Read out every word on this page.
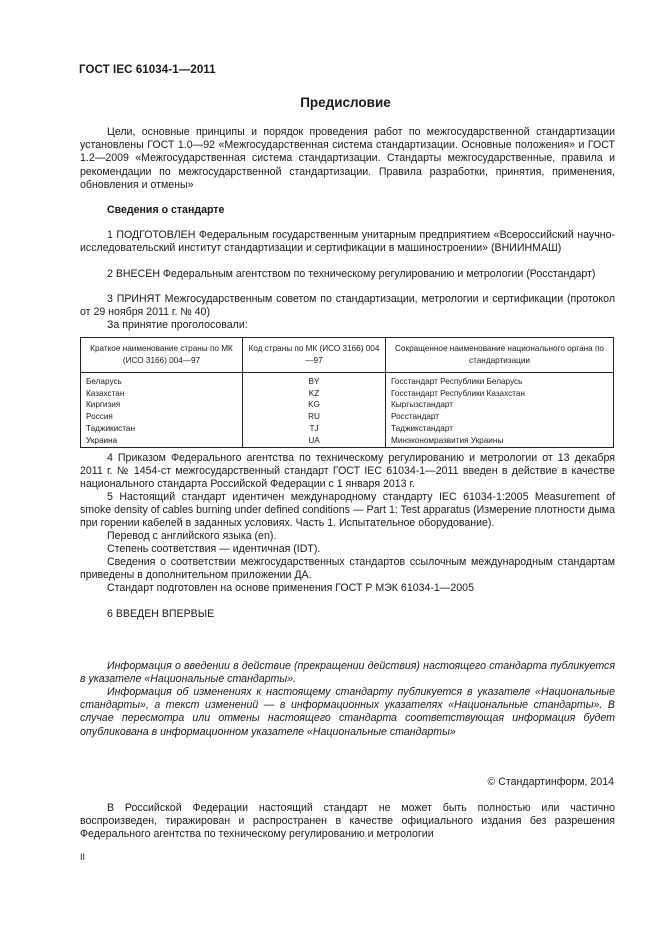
ГОСТ IEC 61034-1—2011
Предисловие
Цели, основные принципы и порядок проведения работ по межгосударственной стандартизации установлены ГОСТ 1.0—92 «Межгосударственная система стандартизации. Основные положения» и ГОСТ 1.2—2009 «Межгосударственная система стандартизации. Стандарты межгосударственные, правила и рекомендации по межгосударственной стандартизации. Правила разработки, принятия, применения, обновления и отмены»
Сведения о стандарте
1 ПОДГОТОВЛЕН Федеральным государственным унитарным предприятием «Всероссийский научно-исследовательский институт стандартизации и сертификации в машиностроении» (ВНИИНМАШ)
2 ВНЕСЕН Федеральным агентством по техническому регулированию и метрологии (Росстандарт)
3 ПРИНЯТ Межгосударственным советом по стандартизации, метрологии и сертификации (протокол от 29 ноября 2011 г. № 40)
За принятие проголосовали:
Краткое наименование страны по МК (ИСО 3166) 004—97	Код страны по МК (ИСО 3166) 004—97	Сокращенное наименование национального органа по стандартизации
Беларусь	BY	Госстандарт Республики Беларусь
Казахстан	KZ	Госстандарт Республики Казахстан
Киргизия	KG	Кыргызстандарт
Россия	RU	Росстандарт
Таджикистан	TJ	Таджикстандарт
Украина	UA	Минэкономразвития Украины
4 Приказом Федерального агентства по техническому регулированию и метрологии от 13 декабря 2011 г. № 1454-ст межгосударственный стандарт ГОСТ IEC 61034-1—2011 введен в действие в качестве национального стандарта Российской Федерации с 1 января 2013 г.
5 Настоящий стандарт идентичен международному стандарту IEC 61034-1:2005 Measurement of smoke density of cables burning under defined conditions — Part 1: Test apparatus (Измерение плотности дыма при горении кабелей в заданных условиях. Часть 1. Испытательное оборудование).
Перевод с английского языка (en).
Степень соответствия — идентичная (IDT).
Сведения о соответствии межгосударственных стандартов ссылочным международным стандартам приведены в дополнительном приложении ДА.
Стандарт подготовлен на основе применения ГОСТ Р МЭК 61034-1—2005
6 ВВЕДЕН ВПЕРВЫЕ
Информация о введении в действие (прекращении действия) настоящего стандарта публикуется в указателе «Национальные стандарты».
Информация об изменениях к настоящему стандарту публикуется в указателе «Национальные стандарты», а текст изменений — в информационных указателях «Национальные стандарты». В случае пересмотра или отмены настоящего стандарта соответствующая информация будет опубликована в информационном указателе «Национальные стандарты»
© Стандартинформ, 2014
В Российской Федерации настоящий стандарт не может быть полностью или частично воспроизведен, тиражирован и распространен в качестве официального издания без разрешения Федерального агентства по техническому регулированию и метрологии
II
